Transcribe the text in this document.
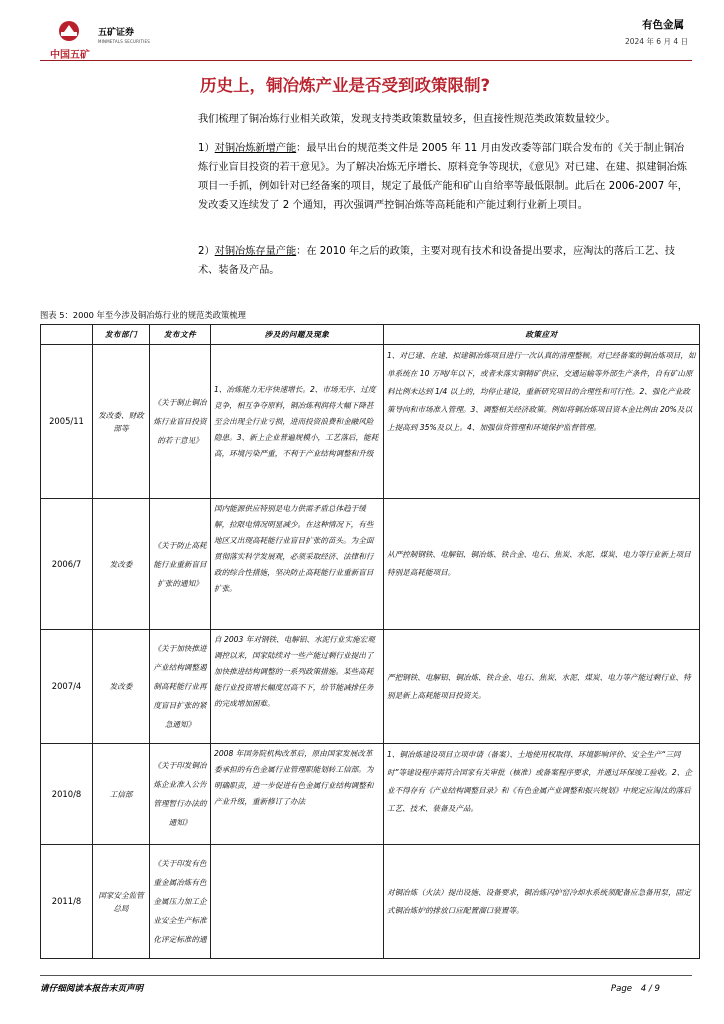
中国五矿
五矿证券
MINMETALS SECURITIES
有色金属
2024 年 6 月 4 日
历史上，铜冶炼产业是否受到政策限制?

我们梳理了铜冶炼行业相关政策，发现支持类政策数量较多，但直接性规范类政策数量较少。

1）对铜冶炼新增产能：最早出台的规范类文件是 2005 年 11 月由发改委等部门联合发布的《关于制止铜冶炼行业盲目投资的若干意见》。为了解决冶炼无序增长、原料竞争等现状，《意见》对已建、在建、拟建铜冶炼项目一手抓，例如针对已经备案的项目，规定了最低产能和矿山自给率等最低限制。此后在 2006-2007 年，发改委又连续发了 2 个通知，再次强调严控铜冶炼等高耗能和产能过剩行业新上项目。

2）对铜冶炼存量产能：在 2010 年之后的政策，主要对现有技术和设备提出要求，应淘汰的落后工艺、技术、装备及产品。

图表 5：2000 年至今涉及铜冶炼行业的规范类政策梳理
	发布部门	发布文件	涉及的问题及现象	政策应对
2005/11	发改委、财政部等	《关于制止铜冶炼行业盲目投资的若干意见》	1、冶炼能力无序快速增长。2、市场无序、过度竞争，相互争夺原料，铜冶炼利润将大幅下降甚至会出现全行业亏损，进而投资浪费和金融风险隐患。3、新上企业普遍规模小，工艺落后，能耗高，环境污染严重，不利于产业结构调整和升级	1、对已建、在建、拟建铜冶炼项目进行一次认真的清理整顿。对已经备案的铜冶炼项目，如单系统在 10 万吨/年以下，或者未落实铜精矿供应、交通运输等外部生产条件，自有矿山原料比例未达到 1/4 以上的，均停止建设，重新研究项目的合理性和可行性。2、强化产业政策导向和市场准入管理。3、调整相关经济政策。例如将铜冶炼项目资本金比例由 20%及以上提高到 35%及以上。4、加强信贷管理和环境保护监督管理。
2006/7	发改委	《关于防止高耗能行业重新盲目扩张的通知》	国内能源供应特别是电力供需矛盾总体趋于缓解，拉限电情况明显减少。在这种情况下，有些地区又出现高耗能行业盲目扩张的苗头。为全面贯彻落实科学发展观，必须采取经济、法律和行政的综合性措施，坚决防止高耗能行业重新盲目扩张。	从严控制钢铁、电解铝、铜冶炼、铁合金、电石、焦炭、水泥、煤炭、电力等行业新上项目特别是高耗能项目。
2007/4	发改委	《关于加快推进产业结构调整遏制高耗能行业再度盲目扩张的紧急通知》	自 2003 年对钢铁、电解铝、水泥行业实施宏观调控以来，国家陆续对一些产能过剩行业提出了加快推进结构调整的一系列政策措施。某些高耗能行业投资增长幅度居高不下，给节能减排任务的完成增加困难。	严把钢铁、电解铝、铜冶炼、铁合金、电石、焦炭、水泥、煤炭、电力等产能过剩行业、特别是新上高耗能项目投资关。
2010/8	工信部	《关于印发铜冶炼企业准入公告管理暂行办法的通知》	2008 年国务院机构改革后，原由国家发展改革委承担的有色金属行业管理职能划转工信部。为明确职责，进一步促进有色金属行业结构调整和产业升级，重新修订了办法	1、铜冶炼建设项目立项申请（备案）、土地使用权取得、环境影响评价、安全生产“三同时”等建设程序需符合国家有关审批（核准）或备案程序要求，并通过环保竣工验收。2、企业不得存有《产业结构调整目录》和《有色金属产业调整和振兴规划》中规定应淘汰的落后工艺、技术、装备及产品。
2011/8	国家安全监管总局	《关于印发有色重金属冶炼有色金属压力加工企业安全生产标准化评定标准的通		对铜冶炼（火法）提出设施、设备要求，铜冶炼闪炉窑冷却水系统须配备应急备用泵，固定式铜冶炼炉的排放口应配置溜口装置等。
请仔细阅读本报告末页声明	Page　4 / 9
